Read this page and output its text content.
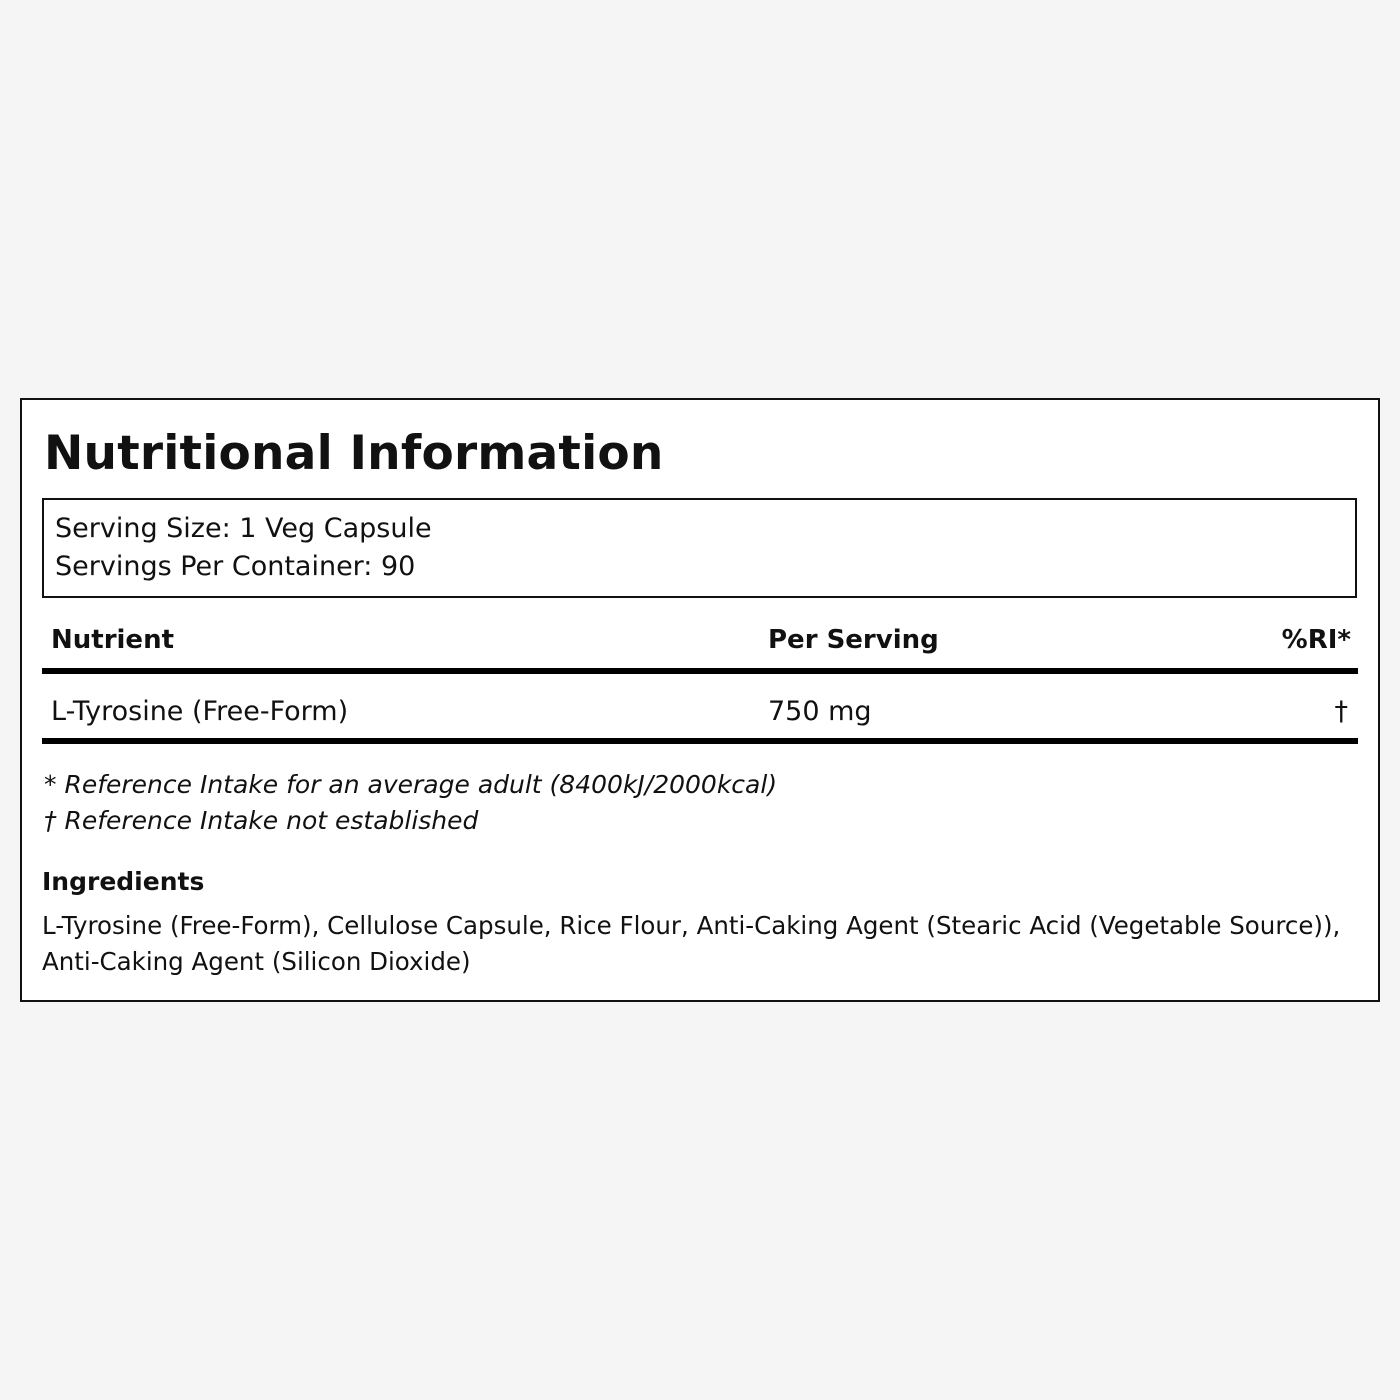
Nutritional Information
Serving Size: 1 Veg Capsule
Servings Per Container: 90
Nutrient	Per Serving	%RI*
L-Tyrosine (Free-Form)	750 mg	†
* Reference Intake for an average adult (8400kJ/2000kcal)
† Reference Intake not established
Ingredients
L-Tyrosine (Free-Form), Cellulose Capsule, Rice Flour, Anti-Caking Agent (Stearic Acid (Vegetable Source)), Anti-Caking Agent (Silicon Dioxide)
